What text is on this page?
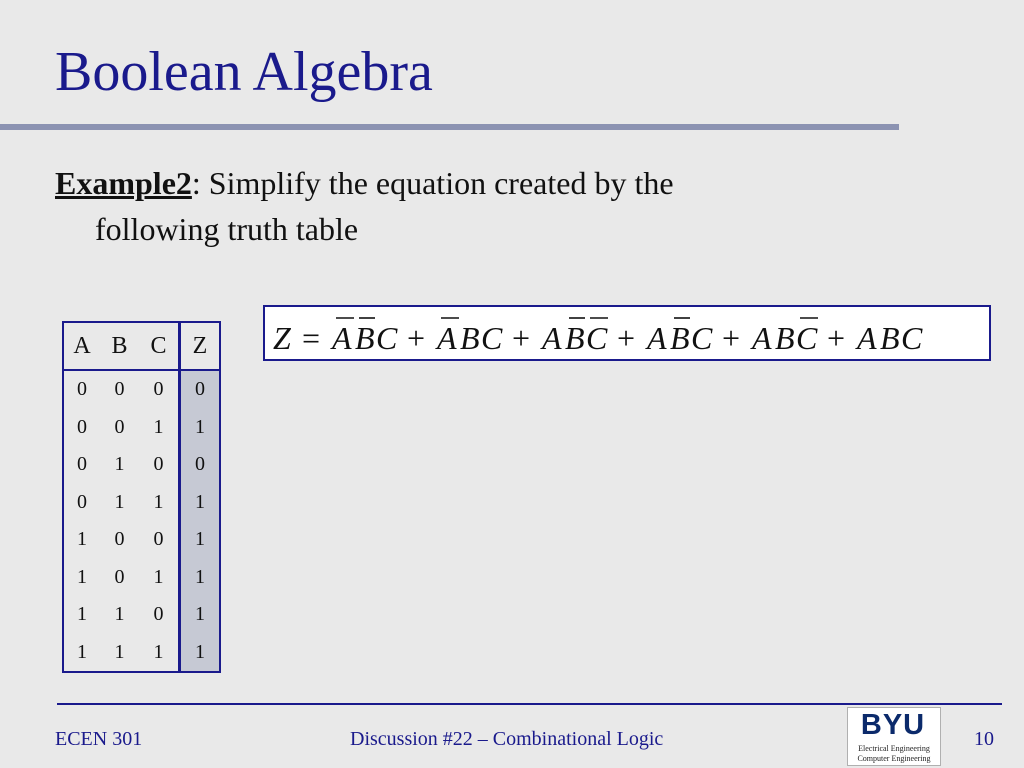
Boolean Algebra
Example2: Simplify the equation created by the
following truth table
A	B	C	Z
0	0	0	0
0	0	1	1
0	1	0	0
0	1	1	1
1	0	0	1
1	0	1	1
1	1	0	1
1	1	1	1
Z = A B C + A B C + A B C + A B C + A B C + A B C
ECEN 301	Discussion #22 – Combinational Logic	10
BYU
Electrical Engineering
Computer Engineering
